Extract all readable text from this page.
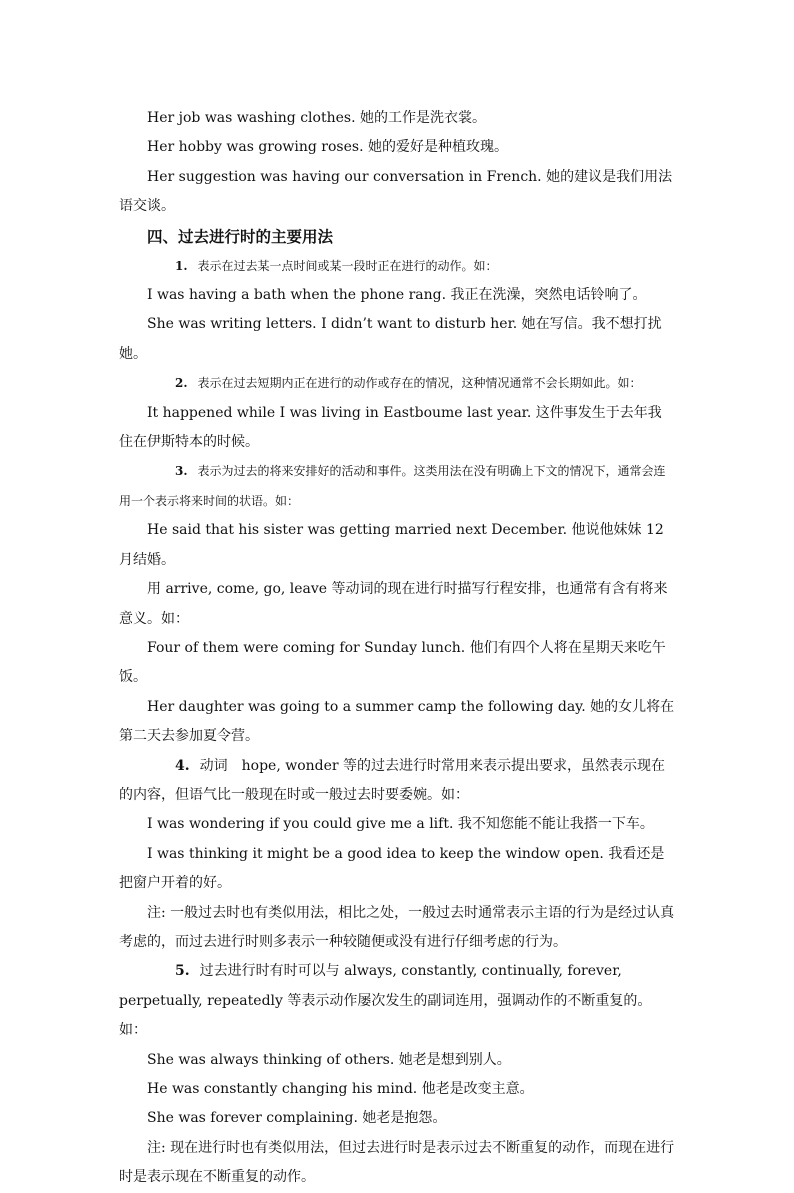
Her job was washing clothes. 她的工作是洗衣裳。

Her hobby was growing roses. 她的爱好是种植玫瑰。

Her suggestion was having our conversation in French. 她的建议是我们用法语交谈。

四、过去进行时的主要用法

1. 表示在过去某一点时间或某一段时正在进行的动作。如：

I was having a bath when the phone rang. 我正在洗澡，突然电话铃响了。

She was writing letters. I didn’t want to disturb her. 她在写信。我不想打扰她。

2. 表示在过去短期内正在进行的动作或存在的情况，这种情况通常不会长期如此。如：

It happened while I was living in Eastboume last year. 这件事发生于去年我住在伊斯特本的时候。

3. 表示为过去的将来安排好的活动和事件。这类用法在没有明确上下文的情况下，通常会连用一个表示将来时间的状语。如：

He said that his sister was getting married next December. 他说他妹妹 12 月结婚。

用 arrive, come, go, leave 等动词的现在进行时描写行程安排，也通常有含有将来意义。如：

Four of them were coming for Sunday lunch. 他们有四个人将在星期天来吃午饭。

Her daughter was going to a summer camp the following day. 她的女儿将在第二天去参加夏令营。

4. 动词　hope, wonder 等的过去进行时常用来表示提出要求，虽然表示现在的内容，但语气比一般现在时或一般过去时要委婉。如：

I was wondering if you could give me a lift. 我不知您能不能让我搭一下车。

I was thinking it might be a good idea to keep the window open. 我看还是把窗户开着的好。

注: 一般过去时也有类似用法，相比之处，一般过去时通常表示主语的行为是经过认真考虑的，而过去进行时则多表示一种较随便或没有进行仔细考虑的行为。

5. 过去进行时有时可以与 always, constantly, continually, forever, perpetually, repeatedly 等表示动作屡次发生的副词连用，强调动作的不断重复的。如：

She was always thinking of others. 她老是想到别人。

He was constantly changing his mind. 他老是改变主意。

She was forever complaining. 她老是抱怨。

注: 现在进行时也有类似用法，但过去进行时是表示过去不断重复的动作，而现在进行时是表示现在不断重复的动作。
